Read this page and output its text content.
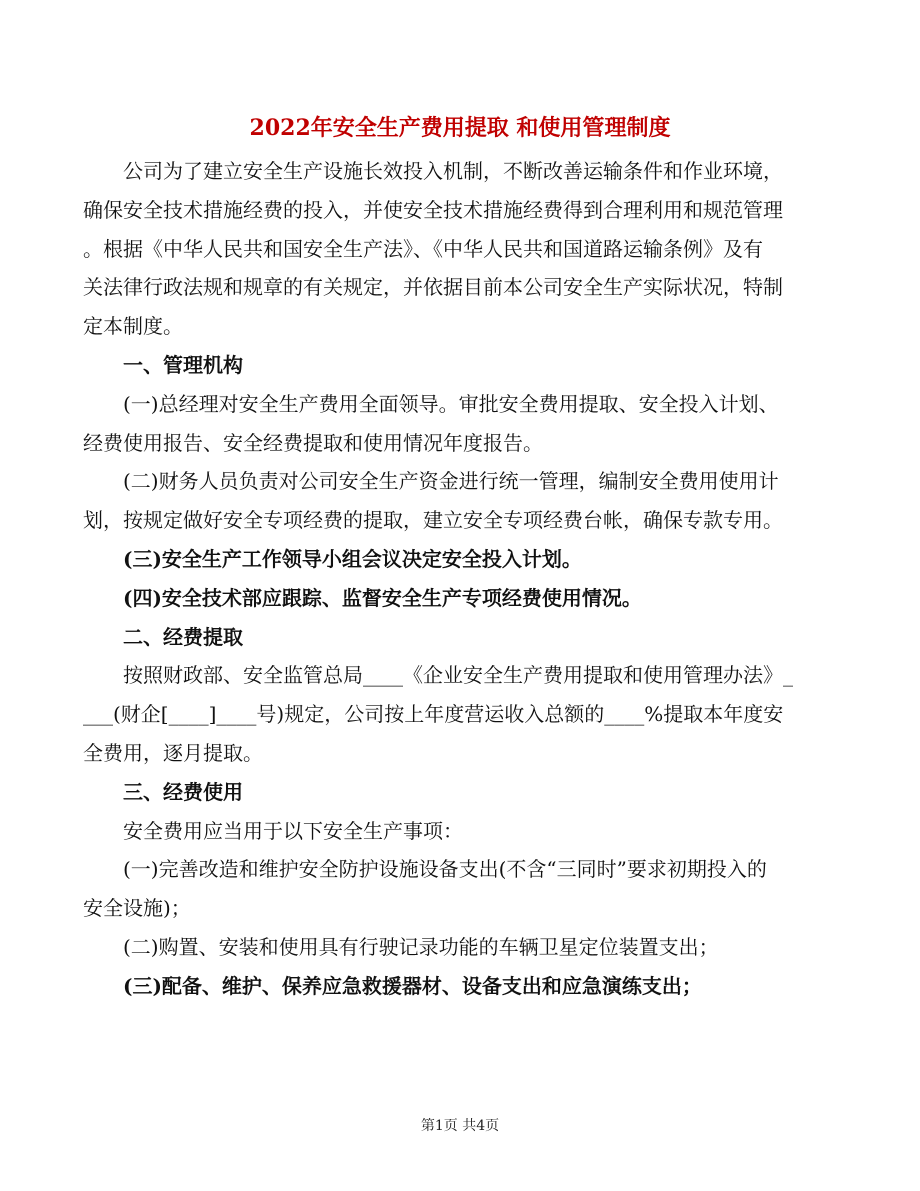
2022年安全生产费用提取 和使用管理制度
公司为了建立安全生产设施长效投入机制，不断改善运输条件和作业环境，
确保安全技术措施经费的投入，并使安全技术措施经费得到合理利用和规范管理
。根据《中华人民共和国安全生产法》、《中华人民共和国道路运输条例》及有
关法律行政法规和规章的有关规定，并依据目前本公司安全生产实际状况，特制
定本制度。
一、管理机构
(一)总经理对安全生产费用全面领导。审批安全费用提取、安全投入计划、
经费使用报告、安全经费提取和使用情况年度报告。
(二)财务人员负责对公司安全生产资金进行统一管理，编制安全费用使用计
划，按规定做好安全专项经费的提取，建立安全专项经费台帐，确保专款专用。
(三)安全生产工作领导小组会议决定安全投入计划。
(四)安全技术部应跟踪、监督安全生产专项经费使用情况。
二、经费提取
按照财政部、安全监管总局____《企业安全生产费用提取和使用管理办法》_
___(财企[____]____号)规定，公司按上年度营运收入总额的____%提取本年度安
全费用，逐月提取。
三、经费使用
安全费用应当用于以下安全生产事项：
(一)完善改造和维护安全防护设施设备支出(不含“三同时”要求初期投入的
安全设施)；
(二)购置、安装和使用具有行驶记录功能的车辆卫星定位装置支出；
(三)配备、维护、保养应急救援器材、设备支出和应急演练支出；
第1页 共4页
